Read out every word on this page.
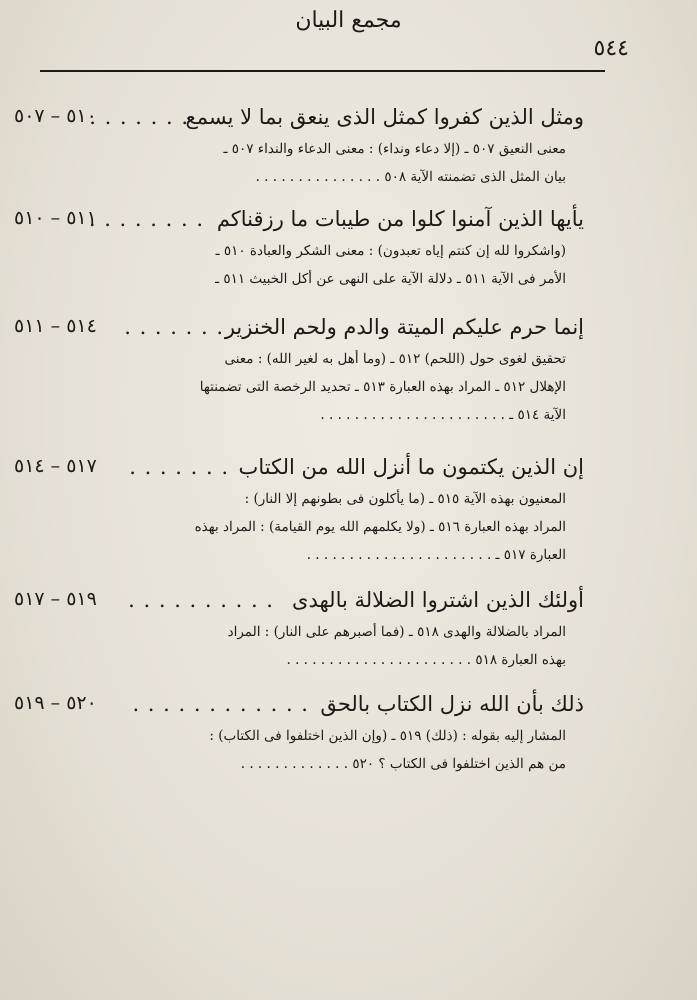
مجمع البيان
٥٤٤
ومثل الذين كفروا كمثل الذى ينعق بما لا يسمع
. . . . . . .
٥١٠ – ٥٠٧
معنى النعيق ٥٠٧ ـ (إلا دعاء ونداء) : معنى الدعاء والنداء ٥٠٧ ـ
بيان المثل الذى تضمنته الآية ٥٠٨ . . . . . . . . . . . . . . .
يأيها الذين آمنوا كلوا من طيبات ما رزقناكم
. . . . . . . .
٥١١ – ٥١٠
(واشكروا لله إن كنتم إياه تعبدون) : معنى الشكر والعبادة ٥١٠ ـ
الأمر فى الآية ٥١١ ـ دلالة الآية على النهى عن أكل الخبيث ٥١١ ـ
إنما حرم عليكم الميتة والدم ولحم الخنزير
. . . . . . .
٥١٤ – ٥١١
تحقيق لغوى حول (اللحم) ٥١٢ ـ (وما أهل به لغير الله) : معنى
الإهلال ٥١٢ ـ المراد بهذه العبارة ٥١٣ ـ تحديد الرخصة التى تضمنتها
الآية ٥١٤ ـ . . . . . . . . . . . . . . . . . . . . . .
إن الذين يكتمون ما أنزل الله من الكتاب
. . . . . . .
٥١٧ – ٥١٤
المعنيون بهذه الآية ٥١٥ ـ (ما يأكلون فى بطونهم إلا النار) :
المراد بهذه العبارة ٥١٦ ـ (ولا يكلمهم الله يوم القيامة) : المراد بهذه
العبارة ٥١٧ ـ . . . . . . . . . . . . . . . . . . . . . .
أولئك الذين اشتروا الضلالة بالهدى
. . . . . . . . . .
٥١٩ – ٥١٧
المراد بالضلالة والهدى ٥١٨ ـ (فما أصبرهم على النار) : المراد
بهذه العبارة ٥١٨ . . . . . . . . . . . . . . . . . . . . . .
ذلك بأن الله نزل الكتاب بالحق
. . . . . . . . . . . .
٥٢٠ – ٥١٩
المشار إليه بقوله : (ذلك) ٥١٩ ـ (وإن الذين اختلفوا فى الكتاب) :
من هم الذين اختلفوا فى الكتاب ؟ ٥٢٠ . . . . . . . . . . . . .
